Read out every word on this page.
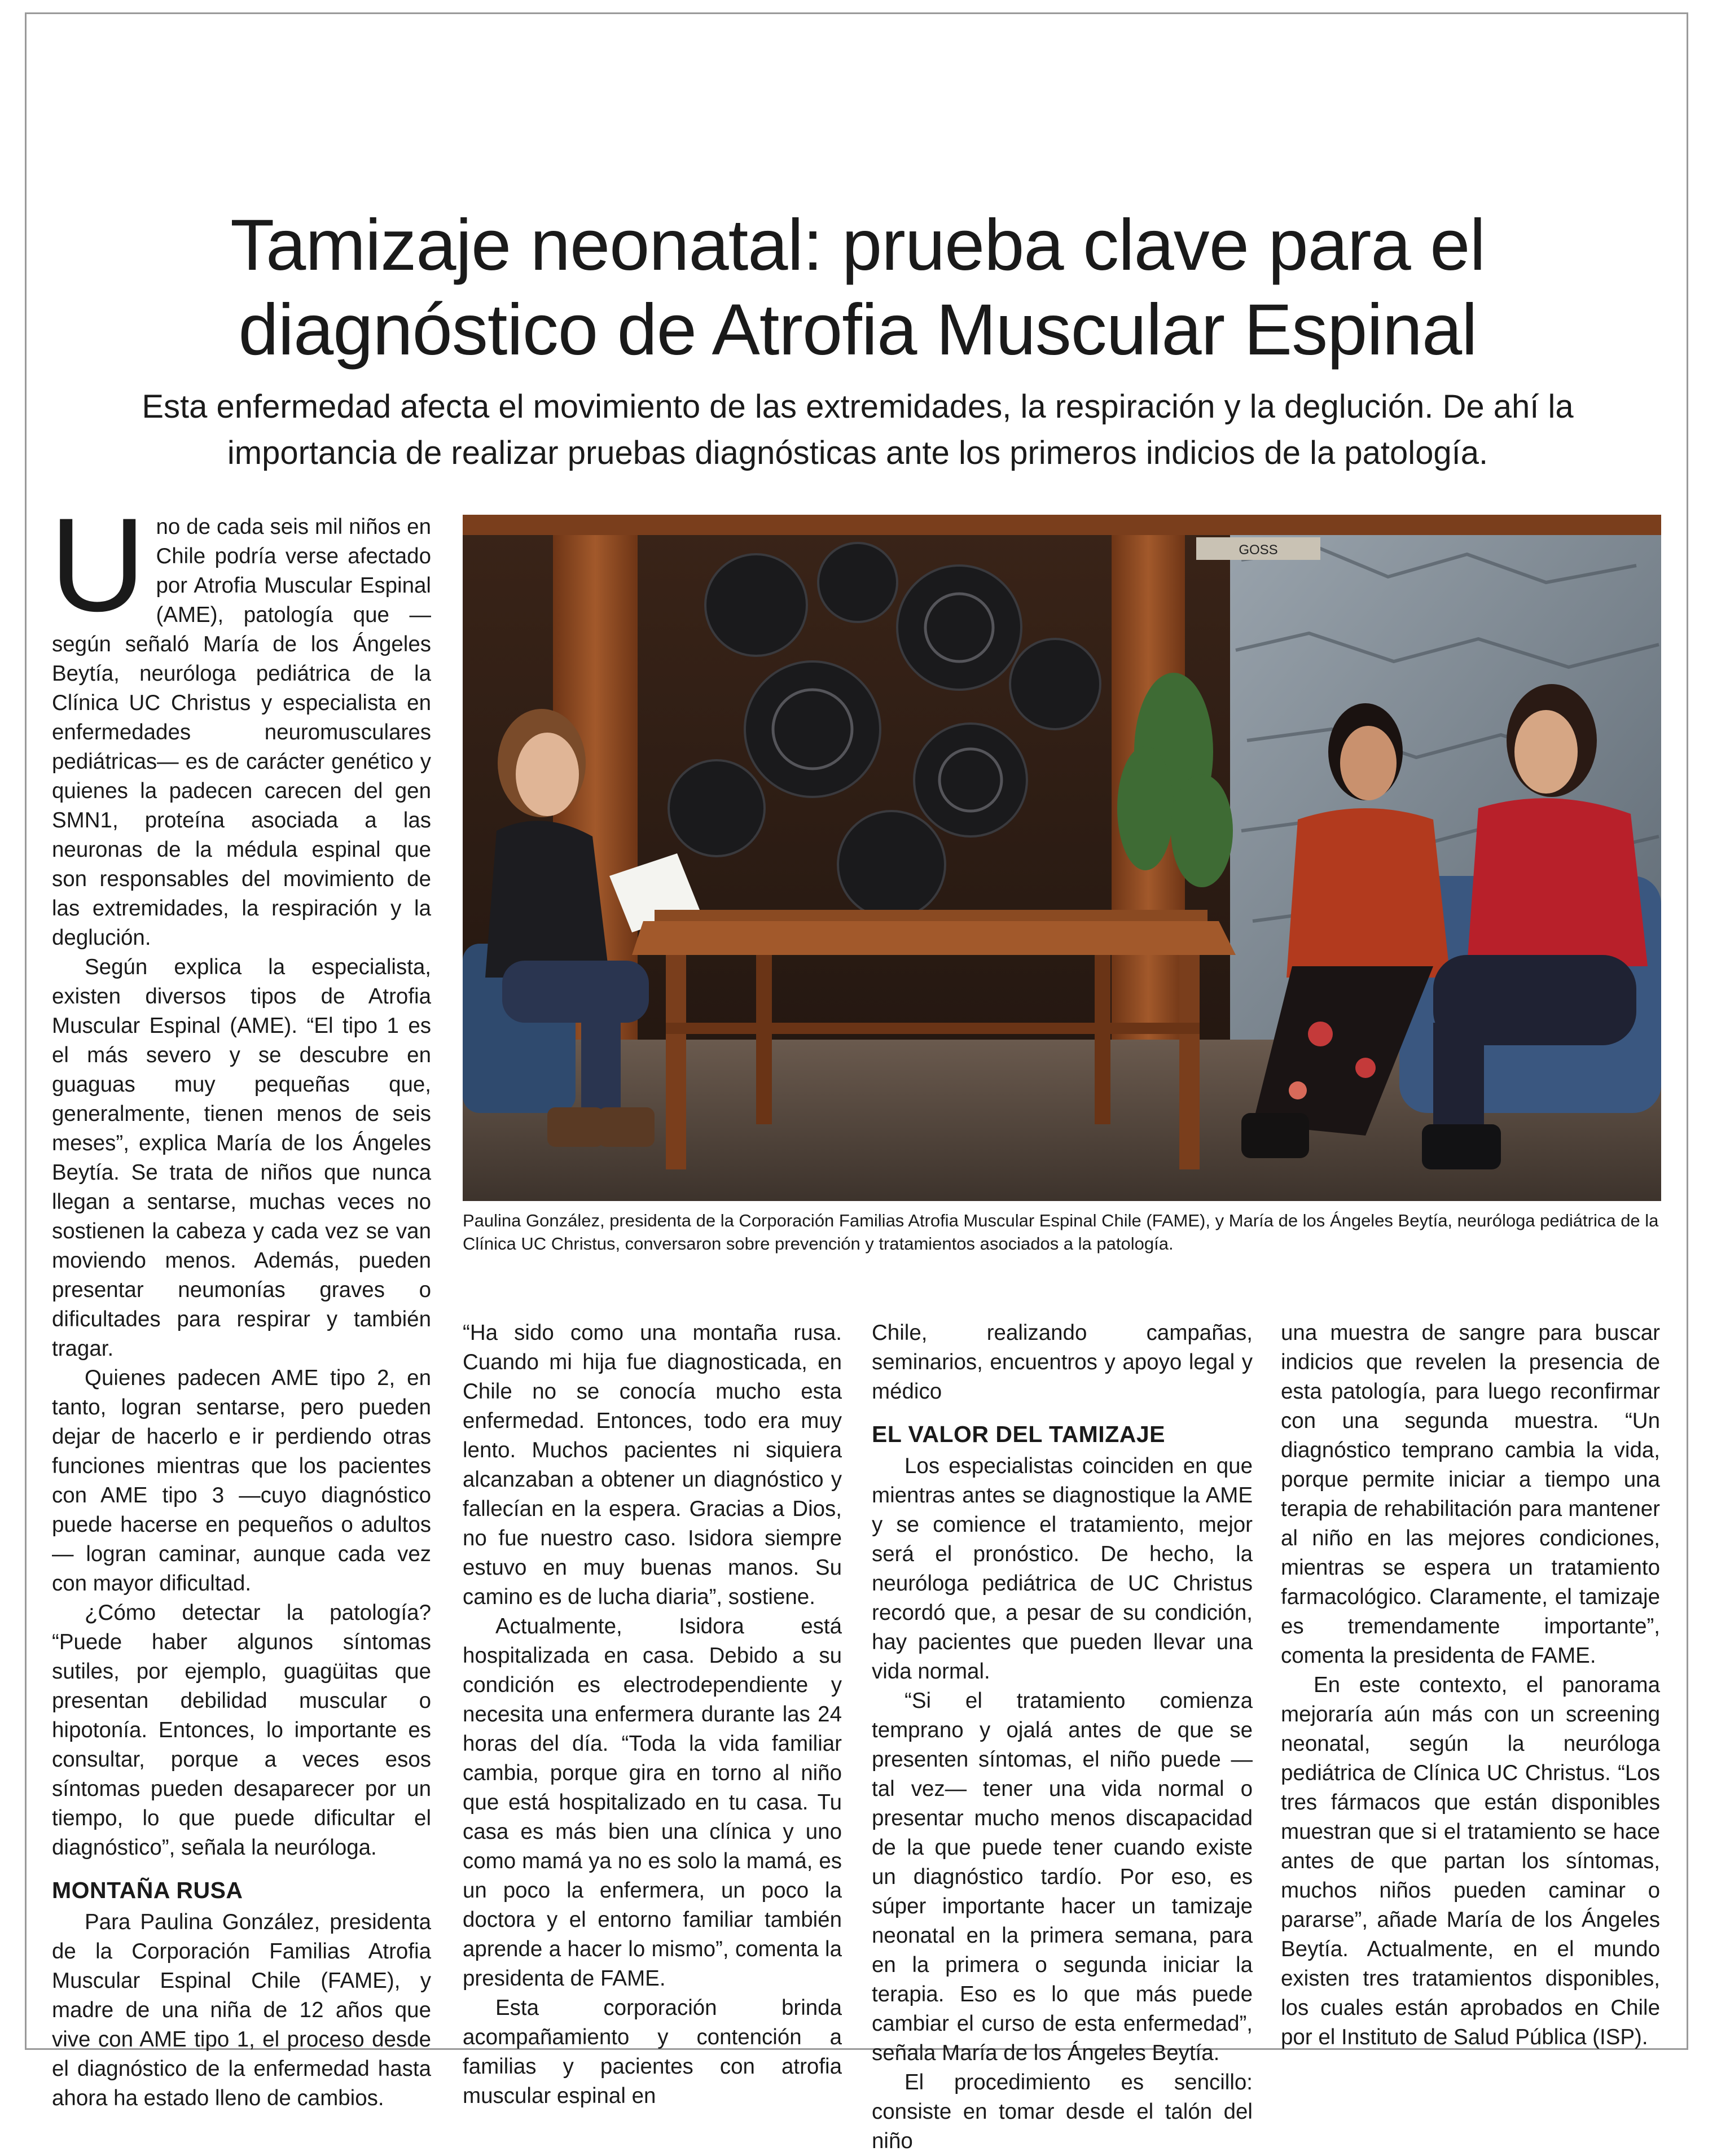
Tamizaje neonatal: prueba clave para el
diagnóstico de Atrofia Muscular Espinal
Esta enfermedad afecta el movimiento de las extremidades, la respiración y la deglución. De ahí la
importancia de realizar pruebas diagnósticas ante los primeros indicios de la patología.

Uno de cada seis mil niños en Chile podría verse afectado por Atrofia Muscular Espinal (AME), patología que —según señaló María de los Ángeles Beytía, neuróloga pediátrica de la Clínica UC Christus y especialista en enfermedades neuromusculares pediátricas— es de carácter genético y quienes la padecen carecen del gen SMN1, proteína asociada a las neuronas de la médula espinal que son responsables del movimiento de las extremidades, la respiración y la deglución.

Según explica la especialista, existen diversos tipos de Atrofia Muscular Espinal (AME). “El tipo 1 es el más severo y se descubre en guaguas muy pequeñas que, generalmente, tienen menos de seis meses”, explica María de los Ángeles Beytía. Se trata de niños que nunca llegan a sentarse, muchas veces no sostienen la cabeza y cada vez se van moviendo menos. Además, pueden presentar neumonías graves o dificultades para respirar y también tragar.

Quienes padecen AME tipo 2, en tanto, logran sentarse, pero pueden dejar de hacerlo e ir perdiendo otras funciones mientras que los pacientes con AME tipo 3 —cuyo diagnóstico puede hacerse en pequeños o adultos— logran caminar, aunque cada vez con mayor dificultad.

¿Cómo detectar la patología? “Puede haber algunos síntomas sutiles, por ejemplo, guagüitas que presentan debilidad muscular o hipotonía. Entonces, lo importante es consultar, porque a veces esos síntomas pueden desaparecer por un tiempo, lo que puede dificultar el diagnóstico”, señala la neuróloga.

MONTAÑA RUSA

Para Paulina González, presidenta de la Corporación Familias Atrofia Muscular Espinal Chile (FAME), y madre de una niña de 12 años que vive con AME tipo 1, el proceso desde el diagnóstico de la enfermedad hasta ahora ha estado lleno de cambios.

GOSS

Paulina González, presidenta de la Corporación Familias Atrofia Muscular Espinal Chile (FAME), y María de los Ángeles Beytía, neuróloga pediátrica de la Clínica UC Christus, conversaron sobre prevención y tratamientos asociados a la patología.

“Ha sido como una montaña rusa. Cuando mi hija fue diagnosticada, en Chile no se conocía mucho esta enfermedad. Entonces, todo era muy lento. Muchos pacientes ni siquiera alcanzaban a obtener un diagnóstico y fallecían en la espera. Gracias a Dios, no fue nuestro caso. Isidora siempre estuvo en muy buenas manos. Su camino es de lucha diaria”, sostiene.

Actualmente, Isidora está hospitalizada en casa. Debido a su condición es electrodependiente y necesita una enfermera durante las 24 horas del día. “Toda la vida familiar cambia, porque gira en torno al niño que está hospitalizado en tu casa. Tu casa es más bien una clínica y uno como mamá ya no es solo la mamá, es un poco la enfermera, un poco la doctora y el entorno familiar también aprende a hacer lo mismo”, comenta la presidenta de FAME.

Esta corporación brinda acompañamiento y contención a familias y pacientes con atrofia muscular espinal en

Chile, realizando campañas, seminarios, encuentros y apoyo legal y médico

EL VALOR DEL TAMIZAJE

Los especialistas coinciden en que mientras antes se diagnostique la AME y se comience el tratamiento, mejor será el pronóstico. De hecho, la neuróloga pediátrica de UC Christus recordó que, a pesar de su condición, hay pacientes que pueden llevar una vida normal.

“Si el tratamiento comienza temprano y ojalá antes de que se presenten síntomas, el niño puede —tal vez— tener una vida normal o presentar mucho menos discapacidad de la que puede tener cuando existe un diagnóstico tardío. Por eso, es súper importante hacer un tamizaje neonatal en la primera semana, para en la primera o segunda iniciar la terapia. Eso es lo que más puede cambiar el curso de esta enfermedad”, señala María de los Ángeles Beytía.

El procedimiento es sencillo: consiste en tomar desde el talón del niño

una muestra de sangre para buscar indicios que revelen la presencia de esta patología, para luego reconfirmar con una segunda muestra. “Un diagnóstico temprano cambia la vida, porque permite iniciar a tiempo una terapia de rehabilitación para mantener al niño en las mejores condiciones, mientras se espera un tratamiento farmacológico. Claramente, el tamizaje es tremendamente importante”, comenta la presidenta de FAME.

En este contexto, el panorama mejoraría aún más con un screening neonatal, según la neuróloga pediátrica de Clínica UC Christus. “Los tres fármacos que están disponibles muestran que si el tratamiento se hace antes de que partan los síntomas, muchos niños pueden caminar o pararse”, añade María de los Ángeles Beytía. Actualmente, en el mundo existen tres tratamientos disponibles, los cuales están aprobados en Chile por el Instituto de Salud Pública (ISP).
